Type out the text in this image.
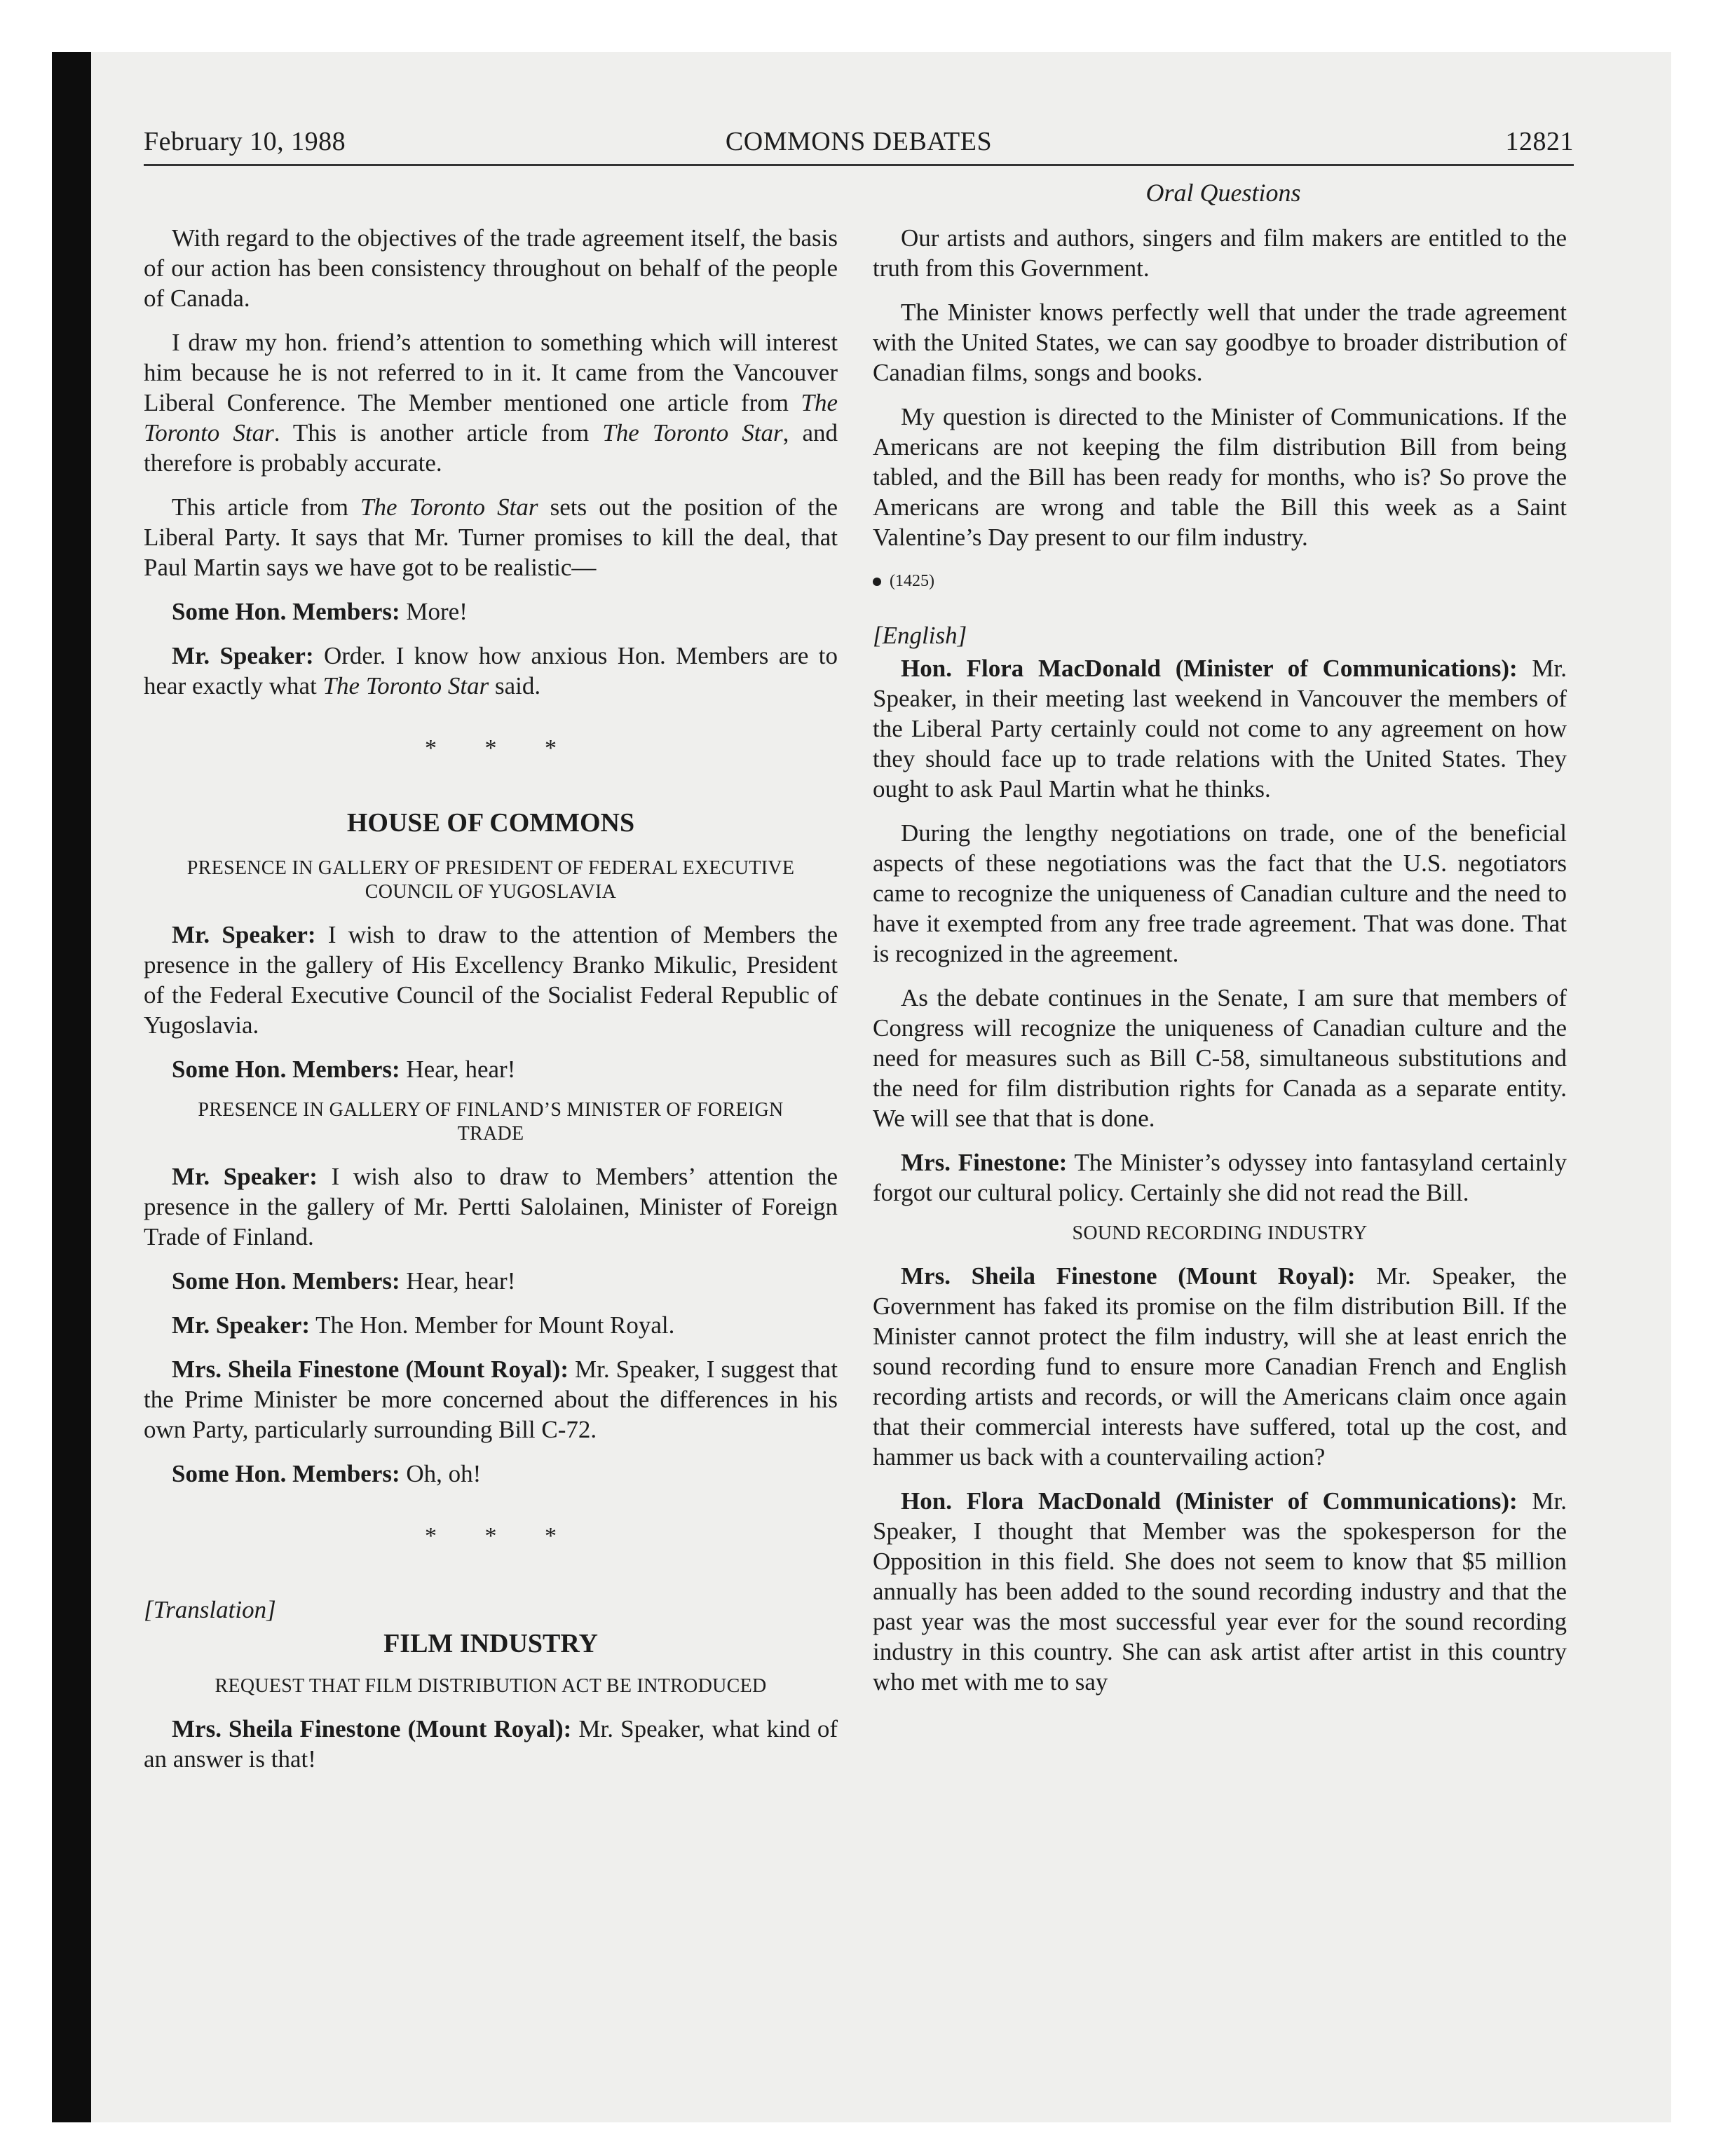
February 10, 1988	COMMONS DEBATES	12821
Oral Questions

With regard to the objectives of the trade agreement itself, the basis of our action has been consistency throughout on behalf of the people of Canada.

I draw my hon. friend’s attention to something which will interest him because he is not referred to in it. It came from the Vancouver Liberal Conference. The Member mentioned one article from The Toronto Star. This is another article from The Toronto Star, and therefore is probably accurate.

This article from The Toronto Star sets out the position of the Liberal Party. It says that Mr. Turner promises to kill the deal, that Paul Martin says we have got to be realistic—

Some Hon. Members: More!

Mr. Speaker: Order. I know how anxious Hon. Members are to hear exactly what The Toronto Star said.

* * *
HOUSE OF COMMONS
PRESENCE IN GALLERY OF PRESIDENT OF FEDERAL EXECUTIVE COUNCIL OF YUGOSLAVIA

Mr. Speaker: I wish to draw to the attention of Members the presence in the gallery of His Excellency Branko Mikulic, President of the Federal Executive Council of the Socialist Federal Republic of Yugoslavia.

Some Hon. Members: Hear, hear!

PRESENCE IN GALLERY OF FINLAND’S MINISTER OF FOREIGN TRADE

Mr. Speaker: I wish also to draw to Members’ attention the presence in the gallery of Mr. Pertti Salolainen, Minister of Foreign Trade of Finland.

Some Hon. Members: Hear, hear!

Mr. Speaker: The Hon. Member for Mount Royal.

Mrs. Sheila Finestone (Mount Royal): Mr. Speaker, I suggest that the Prime Minister be more concerned about the differences in his own Party, particularly surrounding Bill C-72.

Some Hon. Members: Oh, oh!

* * *
[Translation]
FILM INDUSTRY
REQUEST THAT FILM DISTRIBUTION ACT BE INTRODUCED

Mrs. Sheila Finestone (Mount Royal): Mr. Speaker, what kind of an answer is that!

Our artists and authors, singers and film makers are entitled to the truth from this Government.

The Minister knows perfectly well that under the trade agreement with the United States, we can say goodbye to broader distribution of Canadian films, songs and books.

My question is directed to the Minister of Communications. If the Americans are not keeping the film distribution Bill from being tabled, and the Bill has been ready for months, who is? So prove the Americans are wrong and table the Bill this week as a Saint Valentine’s Day present to our film industry.

(1425)
[English]

Hon. Flora MacDonald (Minister of Communications): Mr. Speaker, in their meeting last weekend in Vancouver the members of the Liberal Party certainly could not come to any agreement on how they should face up to trade relations with the United States. They ought to ask Paul Martin what he thinks.

During the lengthy negotiations on trade, one of the beneficial aspects of these negotiations was the fact that the U.S. negotiators came to recognize the uniqueness of Canadian culture and the need to have it exempted from any free trade agreement. That was done. That is recognized in the agreement.

As the debate continues in the Senate, I am sure that members of Congress will recognize the uniqueness of Canadian culture and the need for measures such as Bill C-58, simultaneous substitutions and the need for film distribution rights for Canada as a separate entity. We will see that that is done.

Mrs. Finestone: The Minister’s odyssey into fantasyland certainly forgot our cultural policy. Certainly she did not read the Bill.

SOUND RECORDING INDUSTRY

Mrs. Sheila Finestone (Mount Royal): Mr. Speaker, the Government has faked its promise on the film distribution Bill. If the Minister cannot protect the film industry, will she at least enrich the sound recording fund to ensure more Canadian French and English recording artists and records, or will the Americans claim once again that their commercial interests have suffered, total up the cost, and hammer us back with a countervailing action?

Hon. Flora MacDonald (Minister of Communications): Mr. Speaker, I thought that Member was the spokesperson for the Opposition in this field. She does not seem to know that $5 million annually has been added to the sound recording industry and that the past year was the most successful year ever for the sound recording industry in this country. She can ask artist after artist in this country who met with me to say
